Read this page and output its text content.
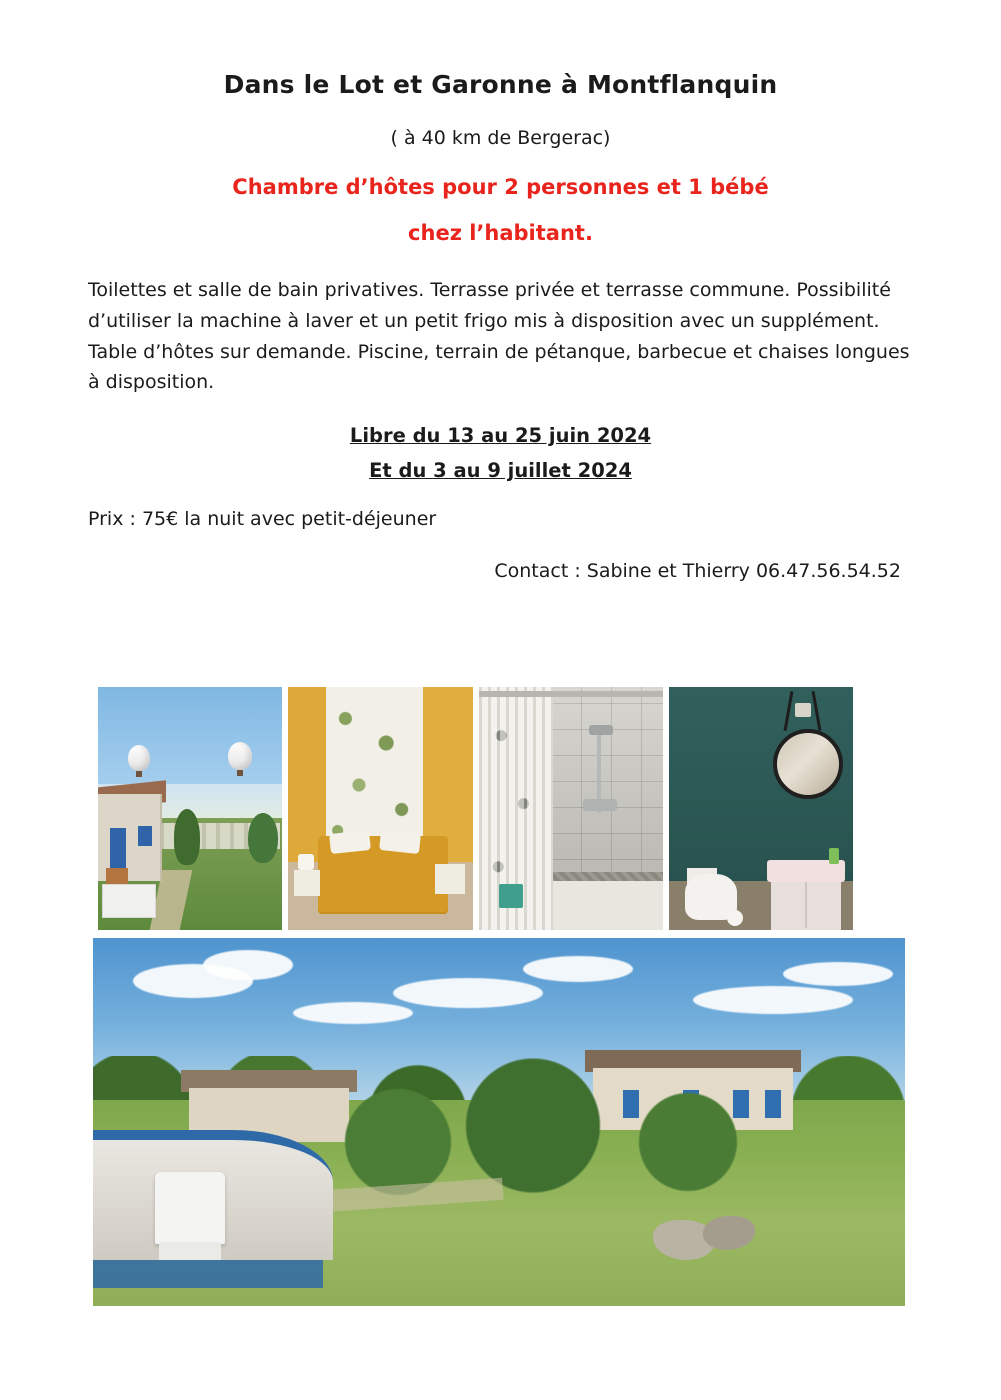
Dans le Lot et Garonne à Montflanquin

( à 40 km de Bergerac)

Chambre d’hôtes pour 2 personnes et 1 bébé

chez l’habitant.

Toilettes et salle de bain privatives. Terrasse privée et terrasse commune. Possibilité d’utiliser la machine à laver et un petit frigo mis à disposition avec un supplément. Table d’hôtes sur demande. Piscine, terrain de pétanque, barbecue et chaises longues à disposition.

Libre du 13 au 25 juin 2024

Et du 3 au 9 juillet 2024

Prix : 75€ la nuit avec petit-déjeuner

Contact : Sabine et Thierry 06.47.56.54.52
